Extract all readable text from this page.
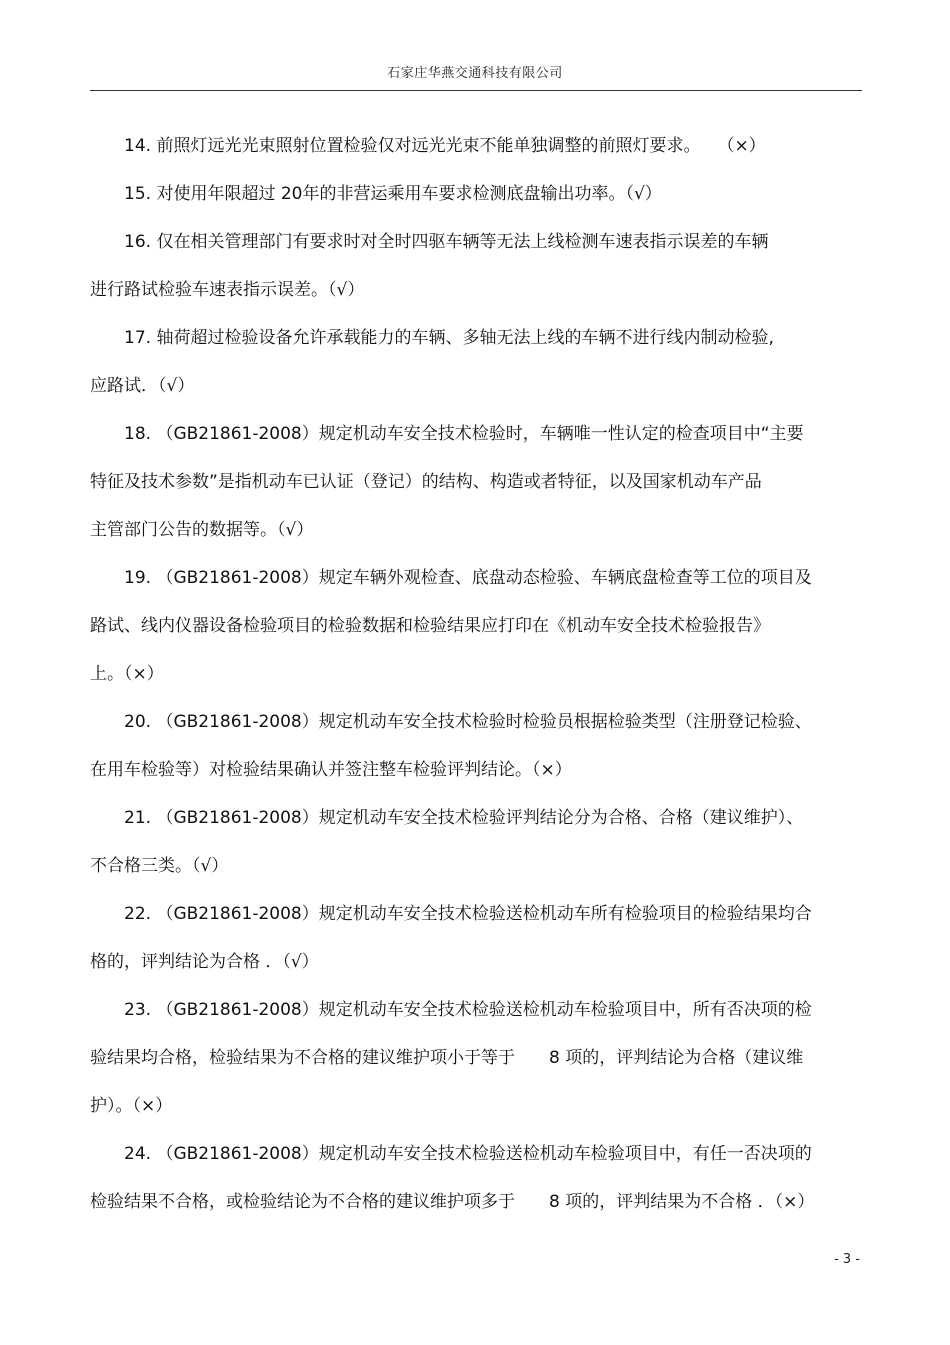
石家庄华燕交通科技有限公司
14. 前照灯远光光束照射位置检验仅对远光光束不能单独调整的前照灯要求。　　（×）
15. 对使用年限超过 20年的非营运乘用车要求检测底盘输出功率。（√）
16. 仅在相关管理部门有要求时对全时四驱车辆等无法上线检测车速表指示误差的车辆
进行路试检验车速表指示误差。（√）
17. 轴荷超过检验设备允许承载能力的车辆、多轴无法上线的车辆不进行线内制动检验,
应路试．（√）
18. （GB21861-2008）规定机动车安全技术检验时，车辆唯一性认定的检查项目中“主要
特征及技术参数”是指机动车已认证（登记）的结构、构造或者特征，以及国家机动车产品
主管部门公告的数据等。（√）
19. （GB21861-2008）规定车辆外观检查、底盘动态检验、车辆底盘检查等工位的项目及
路试、线内仪器设备检验项目的检验数据和检验结果应打印在《机动车安全技术检验报告》
上。（×）
20. （GB21861-2008）规定机动车安全技术检验时检验员根据检验类型（注册登记检验、
在用车检验等）对检验结果确认并签注整车检验评判结论。（×）
21. （GB21861-2008）规定机动车安全技术检验评判结论分为合格、合格（建议维护）、
不合格三类。（√）
22. （GB21861-2008）规定机动车安全技术检验送检机动车所有检验项目的检验结果均合
格的，评判结论为合格 ．（√）
23. （GB21861-2008）规定机动车安全技术检验送检机动车检验项目中，所有否决项的检
验结果均合格，检验结果为不合格的建议维护项小于等于　　8 项的，评判结论为合格（建议维
护）。（×）
24. （GB21861-2008）规定机动车安全技术检验送检机动车检验项目中，有任一否决项的
检验结果不合格，或检验结论为不合格的建议维护项多于　　8 项的，评判结果为不合格 ．（×）
- 3 -
